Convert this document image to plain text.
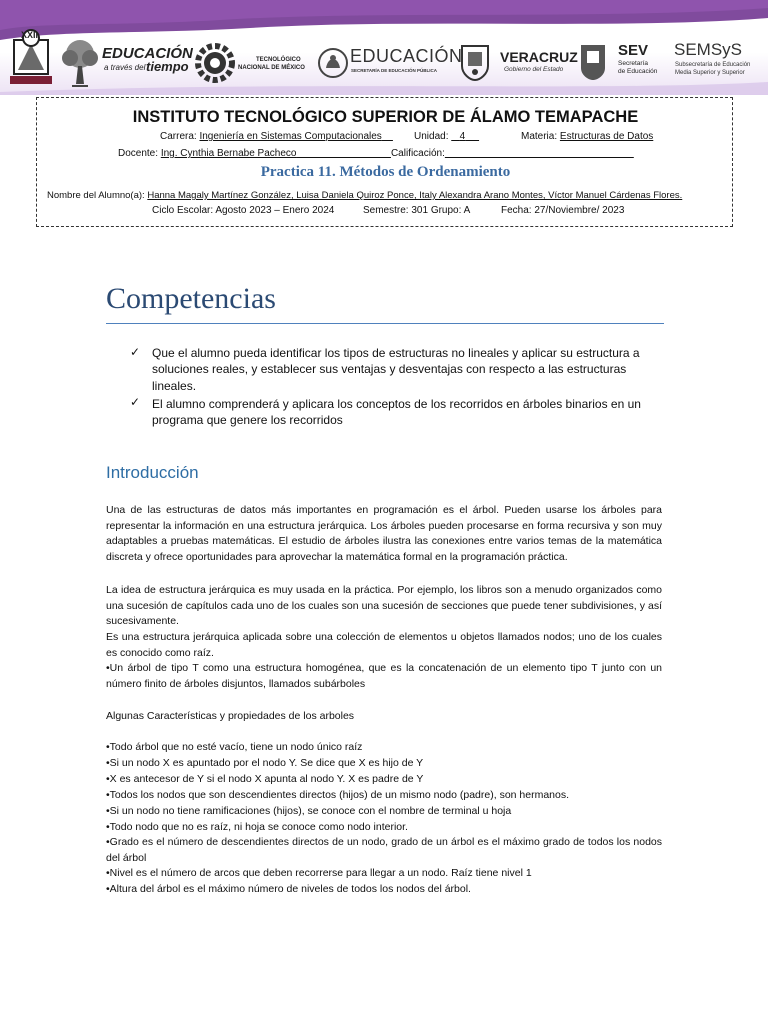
XXII
EDUCACIÓN
a través del tiempo	TECNOLÓGICO
NACIONAL DE MÉXICO
EDUCACIÓN
SECRETARÍA DE EDUCACIÓN PÚBLICA
VERACRUZ
Gobierno del Estado
SEV
Secretaría
de Educación
SEMSyS
Subsecretaría de Educación
Media Superior y Superior
INSTITUTO TECNOLÓGICO SUPERIOR DE ÁLAMO TEMAPACHE
Carrera: Ingeniería en Sistemas Computacionales	Unidad: 4	Materia: Estructuras de Datos
Docente: Ing. Cynthia Bernabe Pacheco	Calificación:
Practica 11. Métodos de Ordenamiento
Nombre del Alumno(a): Hanna Magaly Martínez González, Luisa Daniela Quiroz Ponce, Italy Alexandra Arano Montes, Víctor Manuel Cárdenas Flores.
Ciclo Escolar: Agosto 2023 – Enero 2024	Semestre: 301 Grupo: A	Fecha: 27/Noviembre/ 2023
Competencias
✓ Que el alumno pueda identificar los tipos de estructuras no lineales y aplicar su estructura a soluciones reales, y establecer sus ventajas y desventajas con respecto a las estructuras lineales.
✓ El alumno comprenderá y aplicara los conceptos de los recorridos en árboles binarios en un programa que genere los recorridos
Introducción

Una de las estructuras de datos más importantes en programación es el árbol. Pueden usarse los árboles para representar la información en una estructura jerárquica. Los árboles pueden procesarse en forma recursiva y son muy adaptables a pruebas matemáticas. El estudio de árboles ilustra las conexiones entre varios temas de la matemática discreta y ofrece oportunidades para aprovechar la matemática formal en la programación práctica.

La idea de estructura jerárquica es muy usada en la práctica. Por ejemplo, los libros son a menudo organizados como una sucesión de capítulos cada uno de los cuales son una sucesión de secciones que puede tener subdivisiones, y así sucesivamente.

Es una estructura jerárquica aplicada sobre una colección de elementos u objetos llamados nodos; uno de los cuales es conocido como raíz.

•Un árbol de tipo T como una estructura homogénea, que es la concatenación de un elemento tipo T junto con un número finito de árboles disjuntos, llamados subárboles

Algunas Características y propiedades de los arboles
•Todo árbol que no esté vacío, tiene un nodo único raíz
•Si un nodo X es apuntado por el nodo Y. Se dice que X es hijo de Y
•X es antecesor de Y si el nodo X apunta al nodo Y. X es padre de Y
•Todos los nodos que son descendientes directos (hijos) de un mismo nodo (padre), son hermanos.
•Si un nodo no tiene ramificaciones (hijos), se conoce con el nombre de terminal u hoja
•Todo nodo que no es raíz, ni hoja se conoce como nodo interior.

•Grado es el número de descendientes directos de un nodo, grado de un árbol es el máximo grado de todos los nodos del árbol

•Nivel es el número de arcos que deben recorrerse para llegar a un nodo. Raíz tiene nivel 1
•Altura del árbol es el máximo número de niveles de todos los nodos del árbol.
